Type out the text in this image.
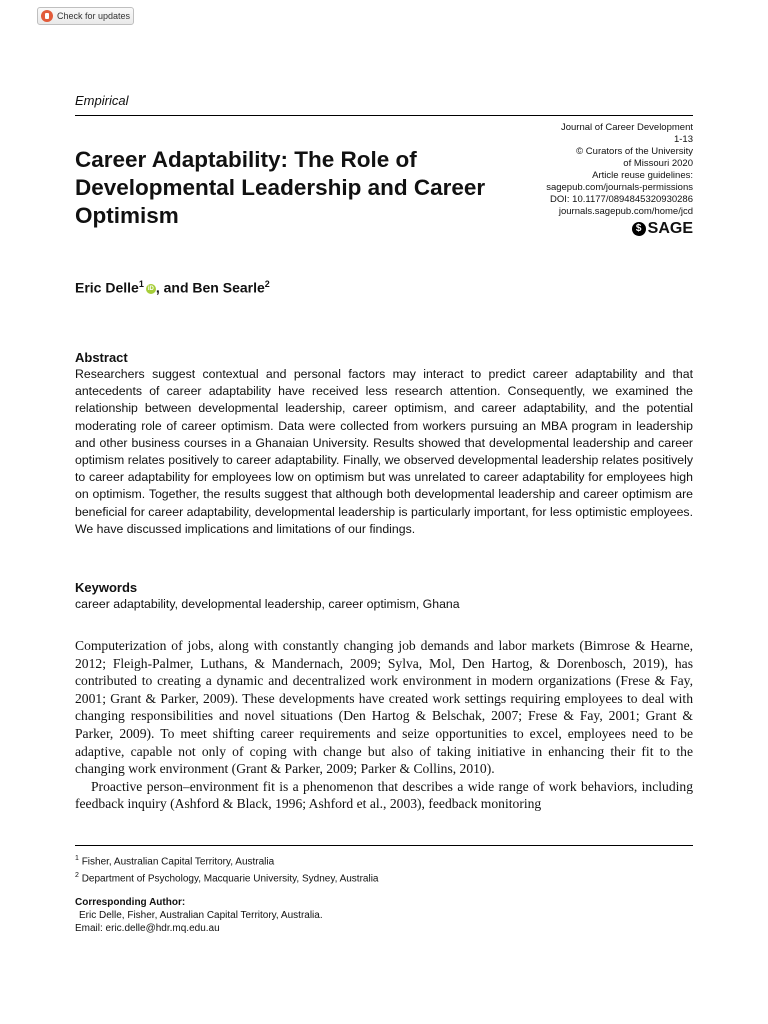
Check for updates
Empirical
Journal of Career Development
1-13
© Curators of the University
of Missouri 2020
Article reuse guidelines:
sagepub.com/journals-permissions
DOI: 10.1177/0894845320930286
journals.sagepub.com/home/jcd
$ SAGE
Career Adaptability: The Role of Developmental Leadership and Career Optimism
Eric Delle$^1$ iD , and Ben Searle$^2$
Abstract

Researchers suggest contextual and personal factors may interact to predict career adaptability and that antecedents of career adaptability have received less research attention. Consequently, we examined the relationship between developmental leadership, career optimism, and career adaptability, and the potential moderating role of career optimism. Data were collected from workers pursuing an MBA program in leadership and other business courses in a Ghanaian University. Results showed that developmental leadership and career optimism relates positively to career adaptability. Finally, we observed developmental leadership relates positively to career adaptability for employees low on optimism but was unrelated to career adaptability for employees high on optimism. Together, the results suggest that although both developmental leadership and career optimism are beneficial for career adaptability, developmental leadership is particularly important, for less optimistic employees. We have discussed implications and limitations of our findings.

Keywords
career adaptability, developmental leadership, career optimism, Ghana

Computerization of jobs, along with constantly changing job demands and labor markets (Bimrose & Hearne, 2012; Fleigh-Palmer, Luthans, & Mandernach, 2009; Sylva, Mol, Den Hartog, & Dorenbosch, 2019), has contributed to creating a dynamic and decentralized work environment in modern organizations (Frese & Fay, 2001; Grant & Parker, 2009). These developments have created work settings requiring employees to deal with changing responsibilities and novel situations (Den Hartog & Belschak, 2007; Frese & Fay, 2001; Grant & Parker, 2009). To meet shifting career requirements and seize opportunities to excel, employees need to be adaptive, capable not only of coping with change but also of taking initiative in enhancing their fit to the changing work environment (Grant & Parker, 2009; Parker & Collins, 2010).

Proactive person–environment fit is a phenomenon that describes a wide range of work behaviors, including feedback inquiry (Ashford & Black, 1996; Ashford et al., 2003), feedback monitoring

$^1$ Fisher, Australian Capital Territory, Australia
$^2$ Department of Psychology, Macquarie University, Sydney, Australia
Corresponding Author:
Eric Delle, Fisher, Australian Capital Territory, Australia.
Email: eric.delle@hdr.mq.edu.au
